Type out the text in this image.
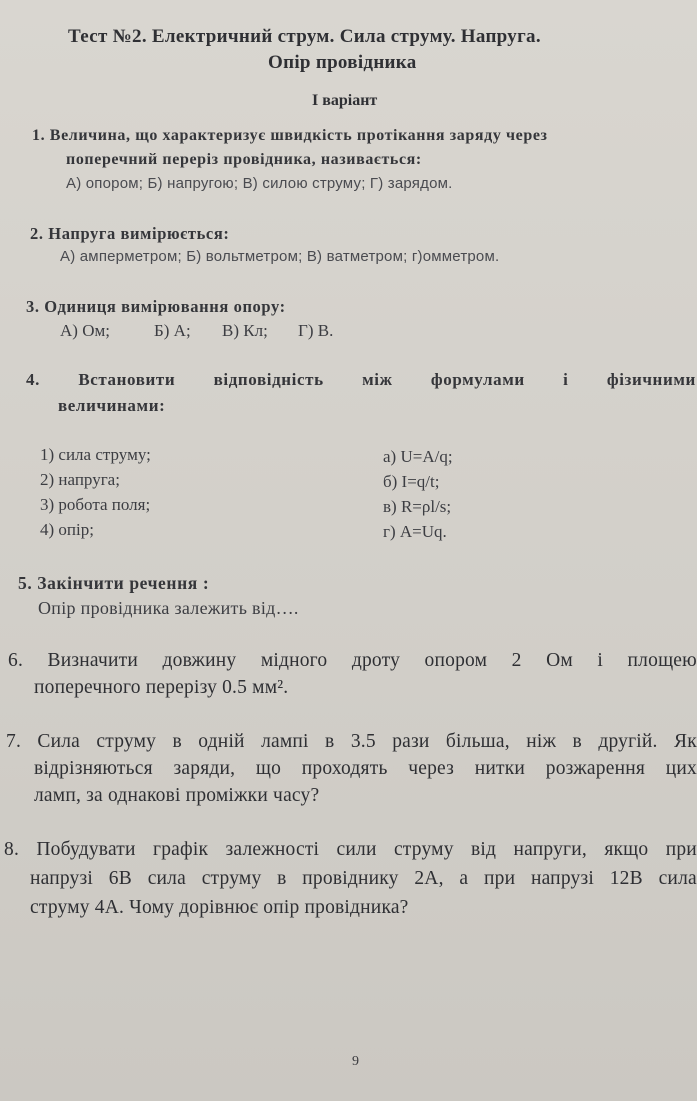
Тест №2. Електричний струм. Сила струму. Напруга.
Опір провідника
І варіант
1. Величина, що характеризує швидкість протікання заряду через
поперечний переріз провідника, називається:
А) опором; Б) напругою; В) силою струму; Г) зарядом.
2. Напруга вимірюється:
А) амперметром; Б) вольтметром; В) ватметром; г)омметром.
3. Одиниця вимірювання опору:
А) Ом;	Б) А; В) Кл; Г) В.
4. Встановити відповідність між формулами і фізичними
величинами:
1) сила струму;
2) напруга;
3) робота поля;
4) опір;
а) U=A/q;
б) I=q/t;
в) R=ρl/s;
г) A=Uq.
5. Закінчити речення :
Опір провідника залежить від….
6. Визначити довжину мідного дроту опором 2 Ом і площею
поперечного перерізу 0.5 мм².
7. Сила струму в одній лампі в 3.5 рази більша, ніж в другій. Як
відрізняються заряди, що проходять через нитки розжарення цих
ламп, за однакові проміжки часу?
8. Побудувати графік залежності сили струму від напруги, якщо при
напрузі 6В сила струму в провіднику 2А, а при напрузі 12В сила
струму 4А. Чому дорівнює опір провідника?
9
